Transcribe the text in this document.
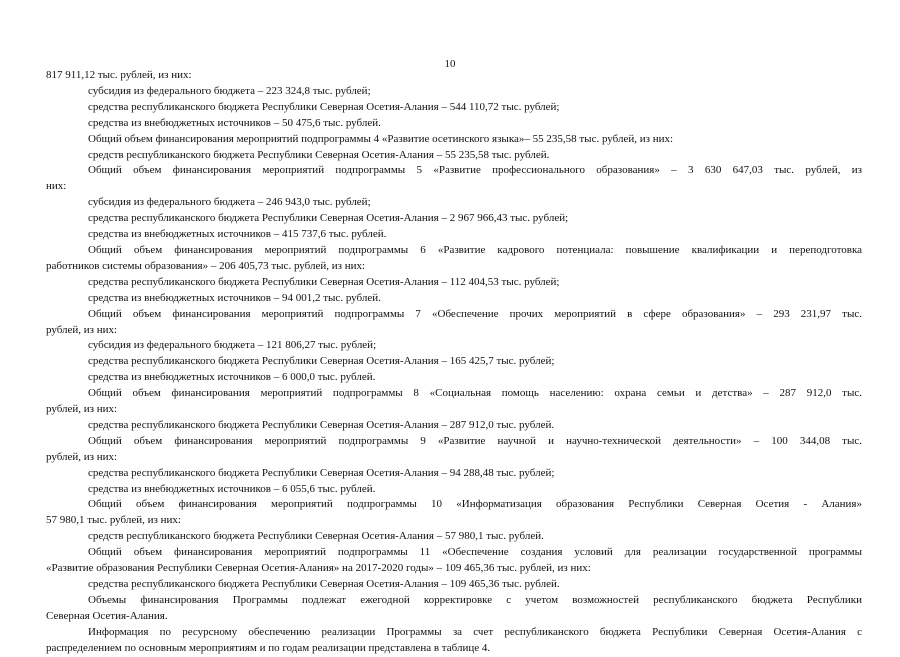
10
817 911,12 тыс. рублей, из них:
субсидия из федерального бюджета – 223 324,8 тыс. рублей;
средства республиканского бюджета Республики Северная Осетия-Алания – 544 110,72 тыс. рублей;
средства из внебюджетных источников – 50 475,6 тыс. рублей.
Общий объем финансирования мероприятий подпрограммы 4 «Развитие осетинского языка»– 55 235,58 тыс. рублей, из них:
средств республиканского бюджета Республики Северная Осетия-Алания – 55 235,58 тыс. рублей.
Общий объем финансирования мероприятий подпрограммы 5 «Развитие профессионального образования» – 3 630 647,03 тыс. рублей, из
них:
субсидия из федерального бюджета – 246 943,0 тыс. рублей;
средства республиканского бюджета Республики Северная Осетия-Алания – 2 967 966,43 тыс. рублей;
средства из внебюджетных источников – 415 737,6 тыс. рублей.
Общий объем финансирования мероприятий подпрограммы 6 «Развитие кадрового потенциала: повышение квалификации и переподготовка
работников системы образования» – 206 405,73 тыс. рублей, из них:
средства республиканского бюджета Республики Северная Осетия-Алания – 112 404,53 тыс. рублей;
средства из внебюджетных источников – 94 001,2 тыс. рублей.
Общий объем финансирования мероприятий подпрограммы 7 «Обеспечение прочих мероприятий в сфере образования» – 293 231,97 тыс.
рублей, из них:
субсидия из федерального бюджета – 121 806,27 тыс. рублей;
средства республиканского бюджета Республики Северная Осетия-Алания – 165 425,7 тыс. рублей;
средства из внебюджетных источников – 6 000,0 тыс. рублей.
Общий объем финансирования мероприятий подпрограммы 8 «Социальная помощь населению: охрана семьи и детства» – 287 912,0 тыс.
рублей, из них:
средства республиканского бюджета Республики Северная Осетия-Алания – 287 912,0 тыс. рублей.
Общий объем финансирования мероприятий подпрограммы 9 «Развитие научной и научно-технической деятельности» – 100 344,08 тыс.
рублей, из них:
средства республиканского бюджета Республики Северная Осетия-Алания – 94 288,48 тыс. рублей;
средства из внебюджетных источников – 6 055,6 тыс. рублей.
Общий объем финансирования мероприятий подпрограммы 10 «Информатизация образования Республики Северная Осетия - Алания»
57 980,1 тыс. рублей, из них:
средств республиканского бюджета Республики Северная Осетия-Алания – 57 980,1 тыс. рублей.
Общий объем финансирования мероприятий подпрограммы 11 «Обеспечение создания условий для реализации государственной программы
«Развитие образования Республики Северная Осетия-Алания» на 2017-2020 годы» – 109 465,36 тыс. рублей, из них:
средства республиканского бюджета Республики Северная Осетия-Алания – 109 465,36 тыс. рублей.
Объемы финансирования Программы подлежат ежегодной корректировке с учетом возможностей республиканского бюджета Республики
Северная Осетия-Алания.
Информация по ресурсному обеспечению реализации Программы за счет республиканского бюджета Республики Северная Осетия-Алания с
распределением по основным мероприятиям и по годам реализации представлена в таблице 4.
